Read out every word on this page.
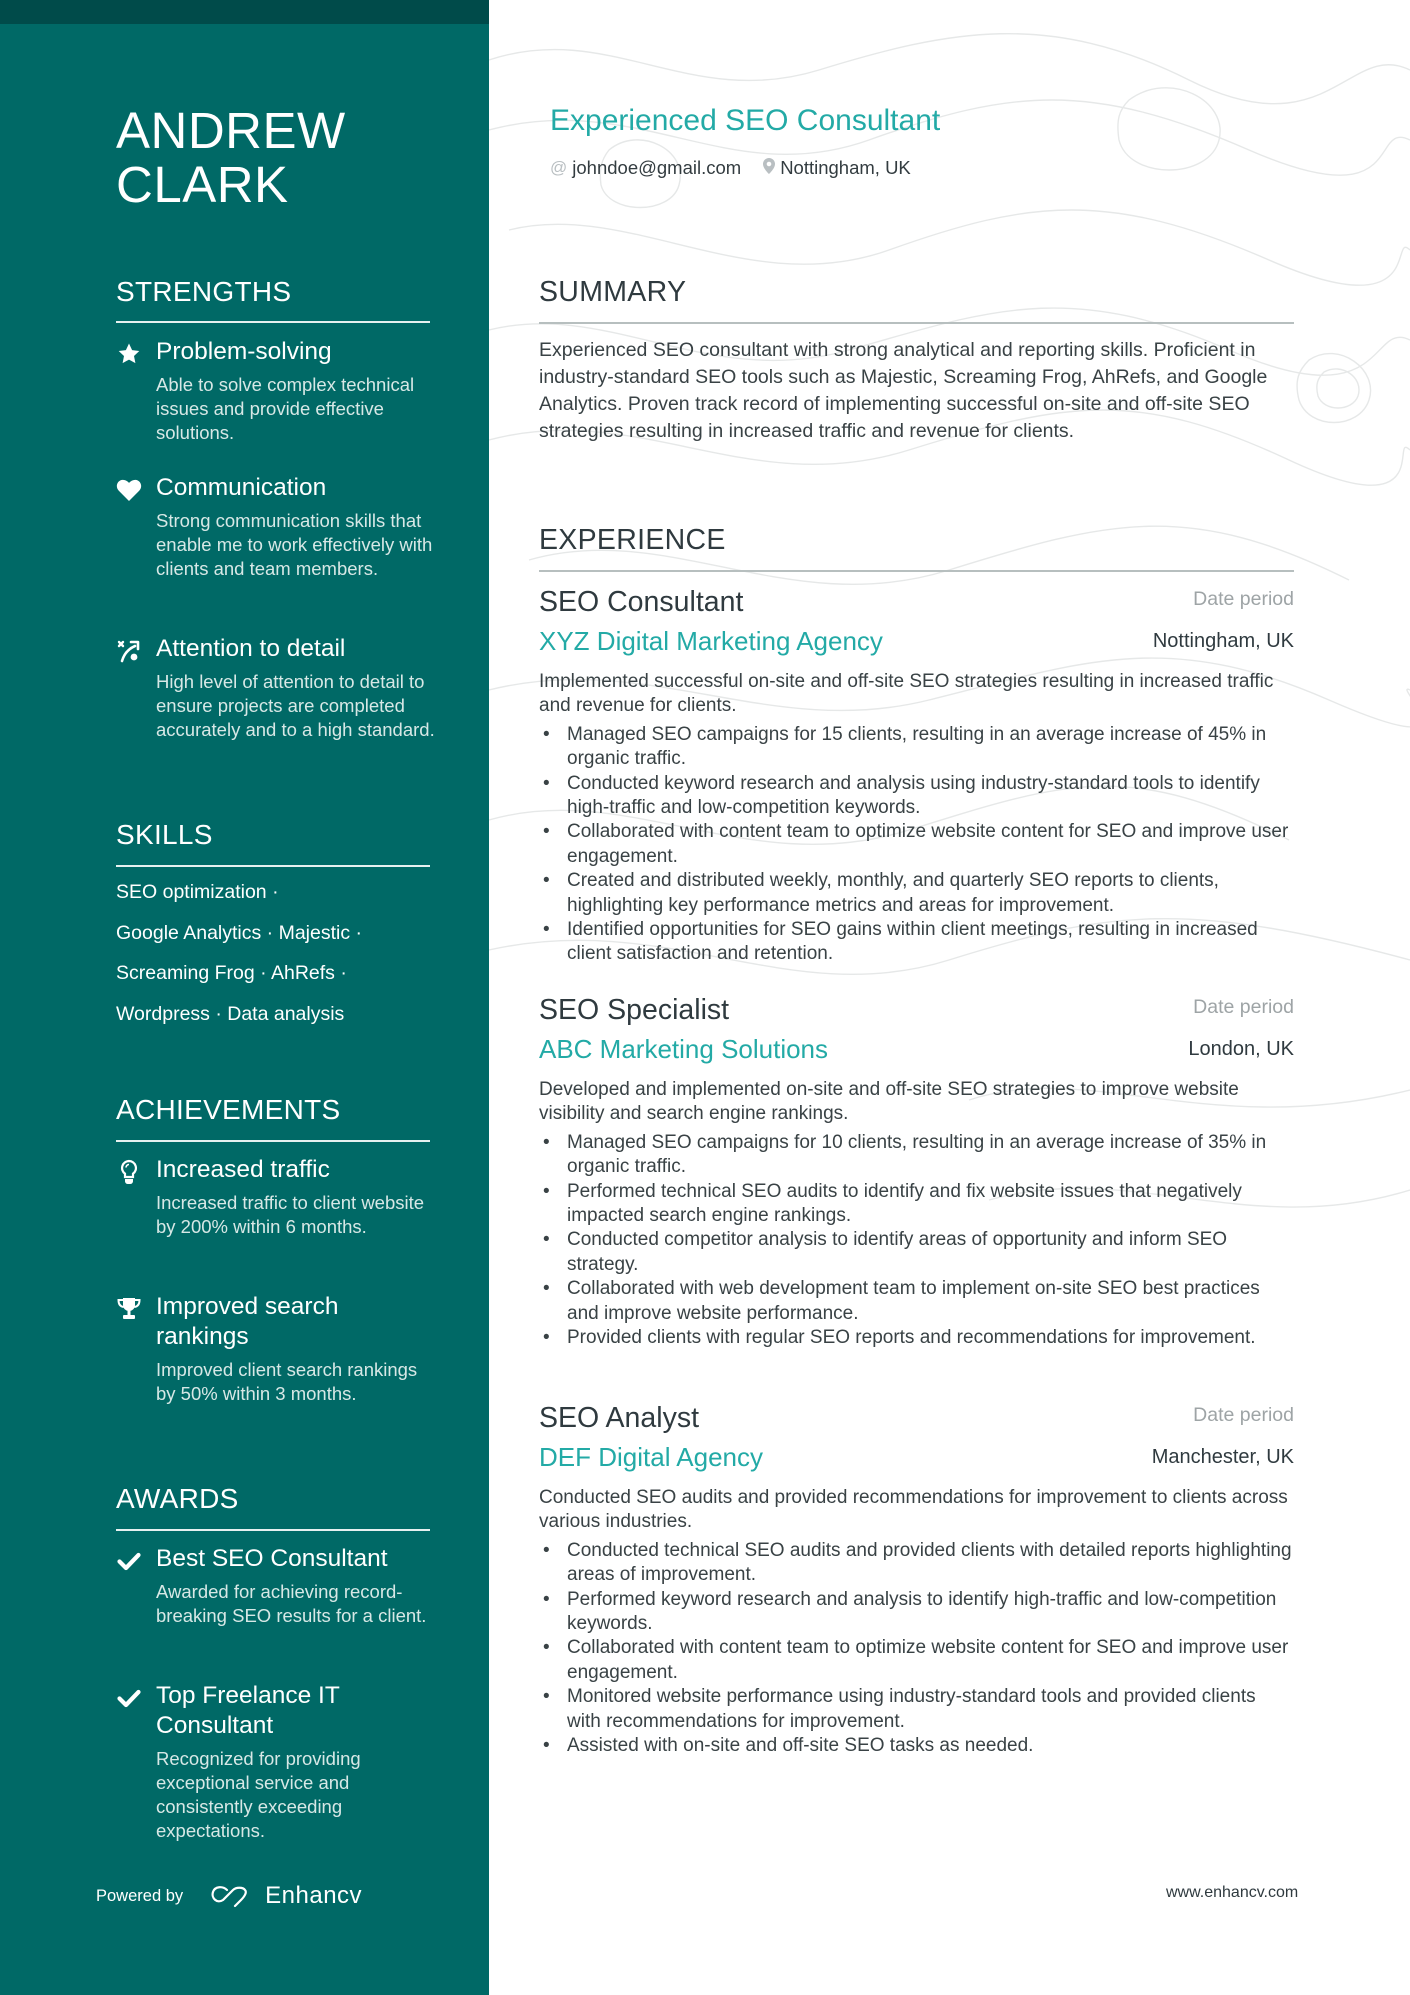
ANDREW
CLARK
STRENGTHS
Problem-solving
Able to solve complex technical issues and provide effective solutions.
Communication
Strong communication skills that enable me to work effectively with clients and team members.
Attention to detail
High level of attention to detail to ensure projects are completed accurately and to a high standard.
SKILLS
SEO optimization ·
Google Analytics · Majestic ·
Screaming Frog · AhRefs ·
Wordpress · Data analysis
ACHIEVEMENTS
Increased traffic
Increased traffic to client website by 200% within 6 months.
Improved search rankings
Improved client search rankings by 50% within 3 months.
AWARDS
Best SEO Consultant
Awarded for achieving record-breaking SEO results for a client.
Top Freelance IT Consultant
Recognized for providing exceptional service and consistently exceeding expectations.
Powered by	Enhancv
Experienced SEO Consultant
@ johndoe@gmail.com Nottingham, UK
SUMMARY
Experienced SEO consultant with strong analytical and reporting skills. Proficient in industry-standard SEO tools such as Majestic, Screaming Frog, AhRefs, and Google Analytics. Proven track record of implementing successful on-site and off-site SEO strategies resulting in increased traffic and revenue for clients.
EXPERIENCE
SEO Consultant	Date period
XYZ Digital Marketing Agency	Nottingham, UK
Implemented successful on-site and off-site SEO strategies resulting in increased traffic and revenue for clients.
• Managed SEO campaigns for 15 clients, resulting in an average increase of 45% in organic traffic.
• Conducted keyword research and analysis using industry-standard tools to identify high-traffic and low-competition keywords.
• Collaborated with content team to optimize website content for SEO and improve user engagement.
• Created and distributed weekly, monthly, and quarterly SEO reports to clients, highlighting key performance metrics and areas for improvement.
• Identified opportunities for SEO gains within client meetings, resulting in increased client satisfaction and retention.
SEO Specialist	Date period
ABC Marketing Solutions	London, UK
Developed and implemented on-site and off-site SEO strategies to improve website visibility and search engine rankings.
• Managed SEO campaigns for 10 clients, resulting in an average increase of 35% in organic traffic.
• Performed technical SEO audits to identify and fix website issues that negatively impacted search engine rankings.
• Conducted competitor analysis to identify areas of opportunity and inform SEO strategy.
• Collaborated with web development team to implement on-site SEO best practices and improve website performance.
• Provided clients with regular SEO reports and recommendations for improvement.
SEO Analyst	Date period
DEF Digital Agency	Manchester, UK
Conducted SEO audits and provided recommendations for improvement to clients across various industries.
• Conducted technical SEO audits and provided clients with detailed reports highlighting areas of improvement.
• Performed keyword research and analysis to identify high-traffic and low-competition keywords.
• Collaborated with content team to optimize website content for SEO and improve user engagement.
• Monitored website performance using industry-standard tools and provided clients with recommendations for improvement.
• Assisted with on-site and off-site SEO tasks as needed.
www.enhancv.com
